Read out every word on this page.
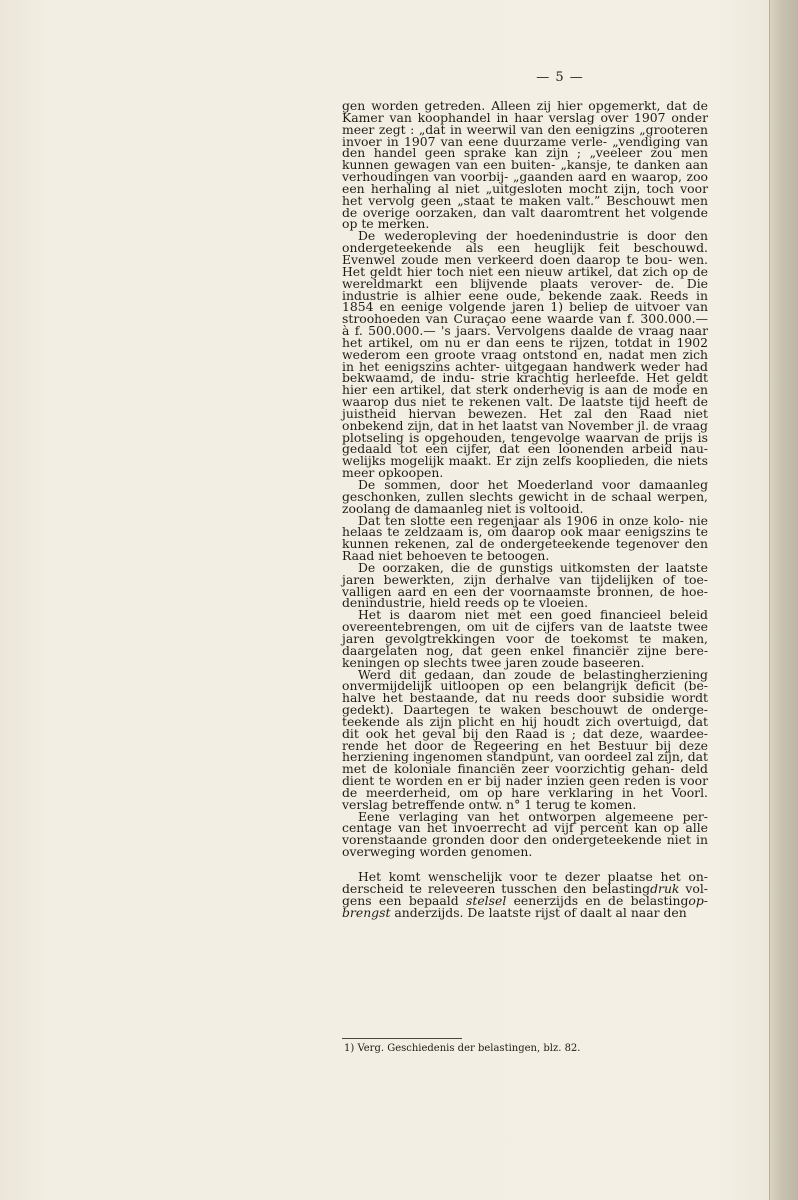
— 5 —

gen worden getreden. Alleen zij hier opgemerkt, dat de Kamer van koophandel in haar verslag over 1907 onder meer zegt : „dat in weerwil van den eenigzins „grooteren invoer in 1907 van eene duurzame verle- „vendiging van den handel geen sprake kan zijn ; „veeleer zou men kunnen gewagen van een buiten- „kansje, te danken aan verhoudingen van voorbij- „gaanden aard en waarop, zoo een herhaling al niet „uitgesloten mocht zijn, toch voor het vervolg geen „staat te maken valt.” Beschouwt men de overige oorzaken, dan valt daaromtrent het volgende op te merken.

De wederopleving der hoedenindustrie is door den ondergeteekende als een heuglijk feit beschouwd. Evenwel zoude men verkeerd doen daarop te bou- wen. Het geldt hier toch niet een nieuw artikel, dat zich op de wereldmarkt een blijvende plaats verover- de. Die industrie is alhier eene oude, bekende zaak. Reeds in 1854 en eenige volgende jaren 1) beliep de uitvoer van stroohoeden van Curaçao eene waarde van f. 300.000.— à f. 500.000.— 's jaars. Vervolgens daalde de vraag naar het artikel, om nu er dan eens te rijzen, totdat in 1902 wederom een groote vraag ontstond en, nadat men zich in het eenigszins achter- uitgegaan handwerk weder had bekwaamd, de indu- strie krachtig herleefde. Het geldt hier een artikel, dat sterk onderhevig is aan de mode en waarop dus niet te rekenen valt. De laatste tijd heeft de juistheid hiervan bewezen. Het zal den Raad niet onbekend zijn, dat in het laatst van November jl. de vraag plotseling is opgehouden, tengevolge waarvan de prijs is gedaald tot een cijfer, dat een loonenden arbeid nau- welijks mogelijk maakt. Er zijn zelfs kooplieden, die niets meer opkoopen.

De sommen, door het Moederland voor damaanleg geschonken, zullen slechts gewicht in de schaal werpen, zoolang de damaanleg niet is voltooid.

Dat ten slotte een regenjaar als 1906 in onze kolo- nie helaas te zeldzaam is, om daarop ook maar eenigszins te kunnen rekenen, zal de ondergeteekende tegenover den Raad niet behoeven te betoogen.

De oorzaken, die de gunstigs uitkomsten der laatste jaren bewerkten, zijn derhalve van tijdelijken of toe- valligen aard en een der voornaamste bronnen, de hoe- denindustrie, hield reeds op te vloeien.

Het is daarom niet met een goed financieel beleid overeentebrengen, om uit de cijfers van de laatste twee jaren gevolgtrekkingen voor de toekomst te maken, daargelaten nog, dat geen enkel financiër zijne bere- keningen op slechts twee jaren zoude baseeren.

Werd dit gedaan, dan zoude de belastingherziening onvermijdelijk uitloopen op een belangrijk deficit (be- halve het bestaande, dat nu reeds door subsidie wordt gedekt). Daartegen te waken beschouwt de onderge- teekende als zijn plicht en hij houdt zich overtuigd, dat dit ook het geval bij den Raad is ; dat deze, waardee- rende het door de Regeering en het Bestuur bij deze herziening ingenomen standpunt, van oordeel zal zijn, dat met de koloniale financiën zeer voorzichtig gehan- deld dient te worden en er bij nader inzien geen reden is voor de meerderheid, om op hare verklaring in het Voorl. verslag betreffende ontw. n° 1 terug te komen.

Eene verlaging van het ontworpen algemeene per- centage van het invoerrecht ad vijf percent kan op alle vorenstaande gronden door den ondergeteekende niet in overweging worden genomen.

Het komt wenschelijk voor te dezer plaatse het on- derscheid te releveeren tusschen den belastingdruk vol- gens een bepaald stelsel eenerzijds en de belastingop- brengst anderzijds. De laatste rijst of daalt al naar den

1) Verg. Geschiedenis der belastingen, blz. 82.
